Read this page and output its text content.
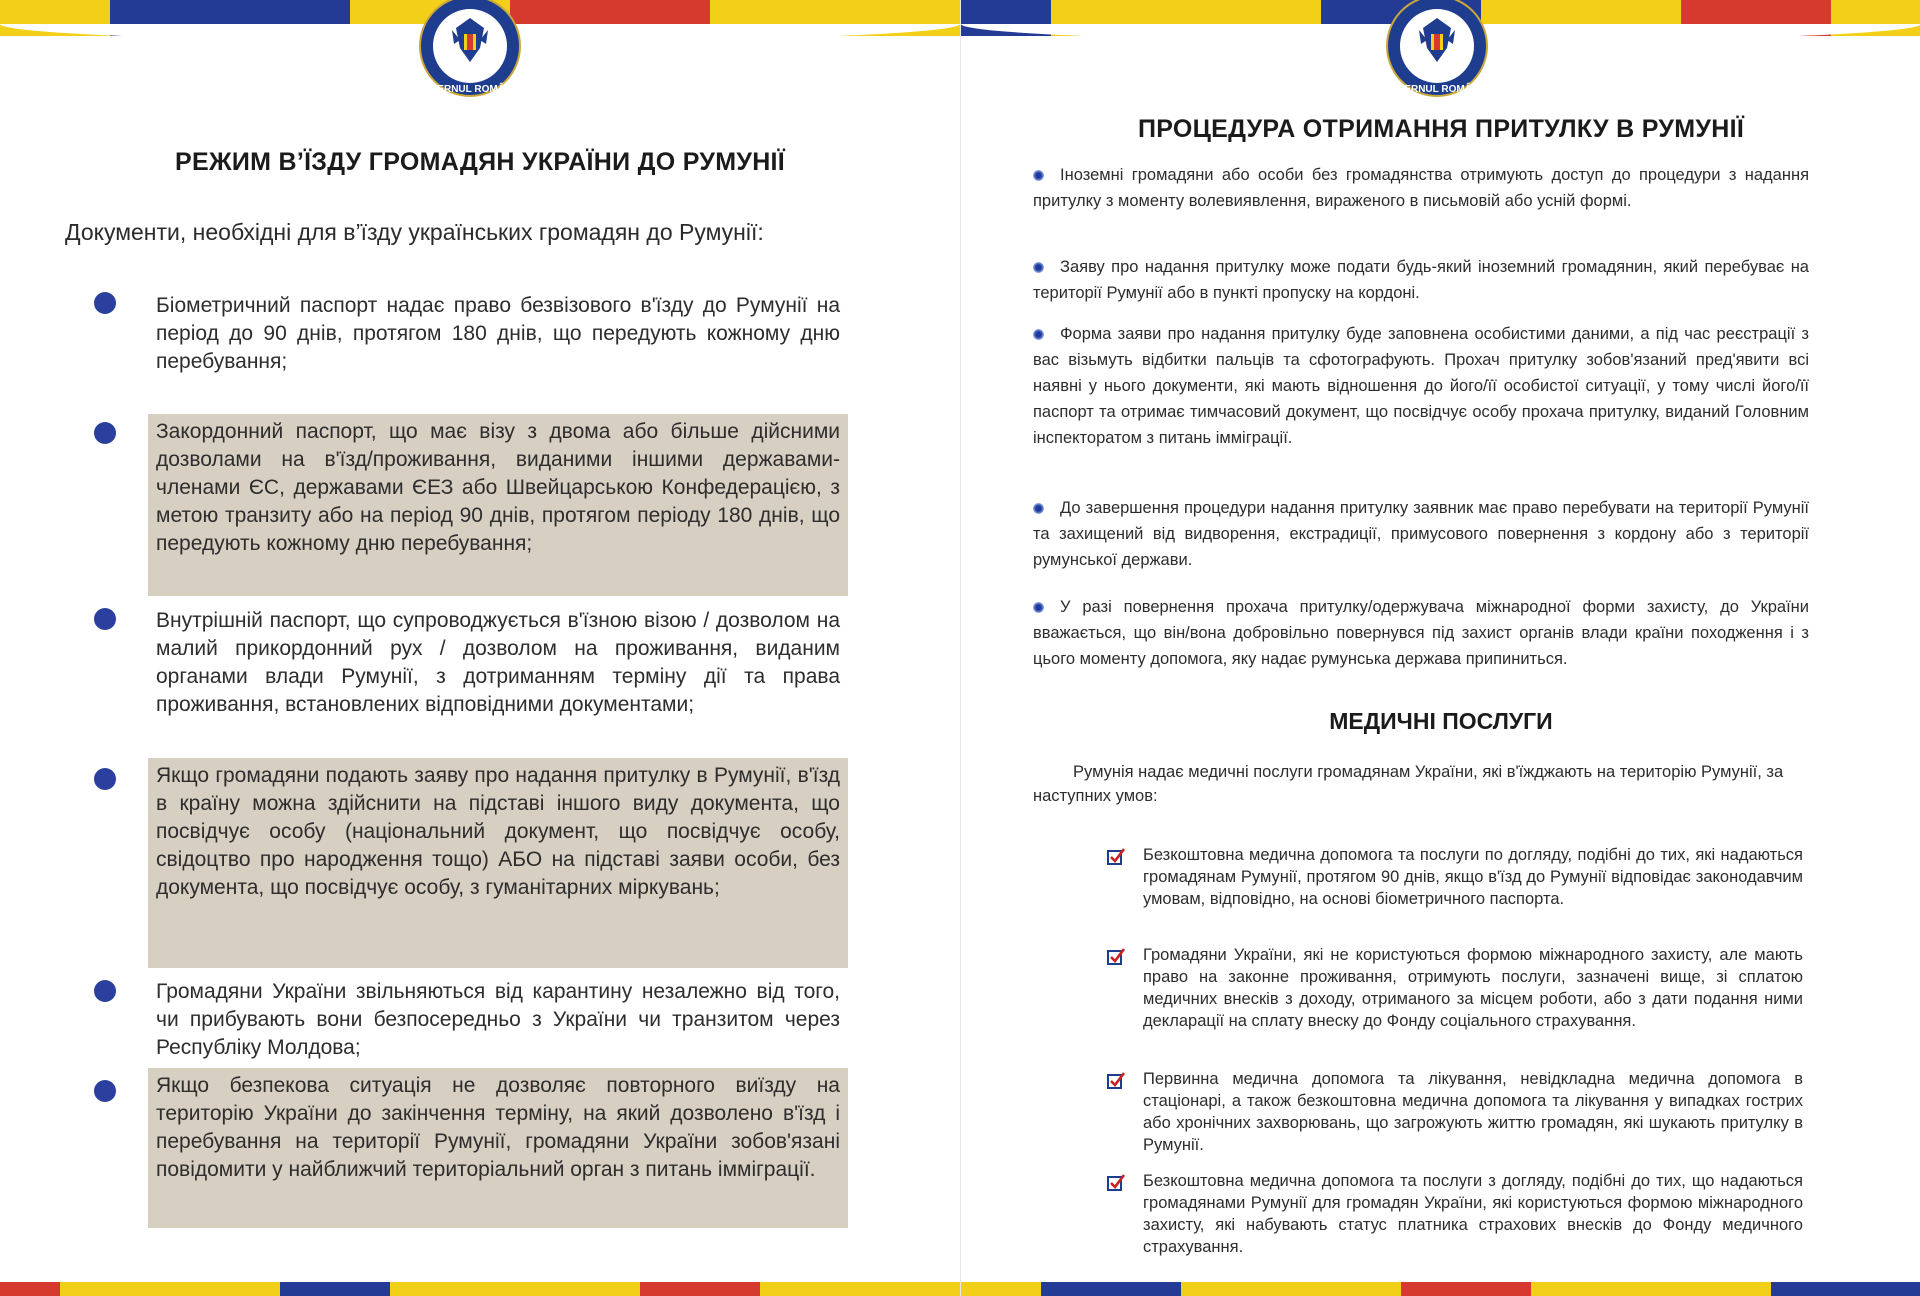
GUVERNUL ROMÂNIEI
РЕЖИМ В’ЇЗДУ ГРОМАДЯН УКРАЇНИ ДО РУМУНІЇ
Документи, необхідні для в’їзду українських громадян до Румунії:
Біометричний паспорт надає право безвізового в'їзду до Румунії на період до 90 днів, протягом 180 днів, що передують кожному дню перебування;
Закордонний паспорт, що має візу з двома або більше дійсними дозволами на в'їзд/проживання, виданими іншими державами-членами ЄС, державами ЄЕЗ або Швейцарською Конфедерацією, з метою транзиту або на період 90 днів, протягом періоду 180 днів, що передують кожному дню перебування;
Внутрішній паспорт, що супроводжується в'їзною візою / дозволом на малий прикордонний рух / дозволом на проживання, виданим органами влади Румунії, з дотриманням терміну дії та права проживання, встановлених відповідними документами;
Якщо громадяни подають заяву про надання притулку в Румунії, в'їзд в країну можна здійснити на підставі іншого виду документа, що посвідчує особу (національний документ, що посвідчує особу, свідоцтво про народження тощо) АБО на підставі заяви особи, без документа, що посвідчує особу, з гуманітарних міркувань;
Громадяни України звільняються від карантину незалежно від того, чи прибувають вони безпосередньо з України чи транзитом через Республіку Молдова;
Якщо безпекова ситуація не дозволяє повторного виїзду на територію України до закінчення терміну, на який дозволено в'їзд і перебування на території Румунії, громадяни України зобов'язані повідомити у найближчий територіальний орган з питань імміграції.
GUVERNUL ROMÂNIEI
ПРОЦЕДУРА ОТРИМАННЯ ПРИТУЛКУ В РУМУНІЇ
Іноземні громадяни або особи без громадянства отримують доступ до процедури з надання притулку з моменту волевиявлення, вираженого в письмовій або усній формі.
Заяву про надання притулку може подати будь-який іноземний громадянин, який перебуває на території Румунії або в пункті пропуску на кордоні.
Форма заяви про надання притулку буде заповнена особистими даними, а під час реєстрації з вас візьмуть відбитки пальців та сфотографують. Прохач притулку зобов'язаний пред'явити всі наявні у нього документи, які мають відношення до його/її особистої ситуації, у тому числі його/її паспорт та отримає тимчасовий документ, що посвідчує особу прохача притулку, виданий Головним інспекторатом з питань імміграції.
До завершення процедури надання притулку заявник має право перебувати на території Румунії та захищений від видворення, екстрадиції, примусового повернення з кордону або з території румунської держави.
У разі повернення прохача притулку/одержувача міжнародної форми захисту, до України вважається, що він/вона добровільно повернувся під захист органів влади країни походження і з цього моменту допомога, яку надає румунська держава припиниться.
МЕДИЧНІ ПОСЛУГИ
Румунія надає медичні послуги громадянам України, які в'їжджають на територію Румунії, за наступних умов:
Безкоштовна медична допомога та послуги по догляду, подібні до тих, які надаються громадянам Румунії, протягом 90 днів, якщо в'їзд до Румунії відповідає законодавчим умовам, відповідно, на основі біометричного паспорта.
Громадяни України, які не користуються формою міжнародного захисту, але мають право на законне проживання, отримують послуги, зазначені вище, зі сплатою медичних внесків з доходу, отриманого за місцем роботи, або з дати подання ними декларації на сплату внеску до Фонду соціального страхування.
Первинна медична допомога та лікування, невідкладна медична допомога в стаціонарі, а також безкоштовна медична допомога та лікування у випадках гострих або хронічних захворювань, що загрожують життю громадян, які шукають притулку в Румунії.
Безкоштовна медична допомога та послуги з догляду, подібні до тих, що надаються громадянами Румунії для громадян України, які користуються формою міжнародного захисту, які набувають статус платника страхових внесків до Фонду медичного страхування.
